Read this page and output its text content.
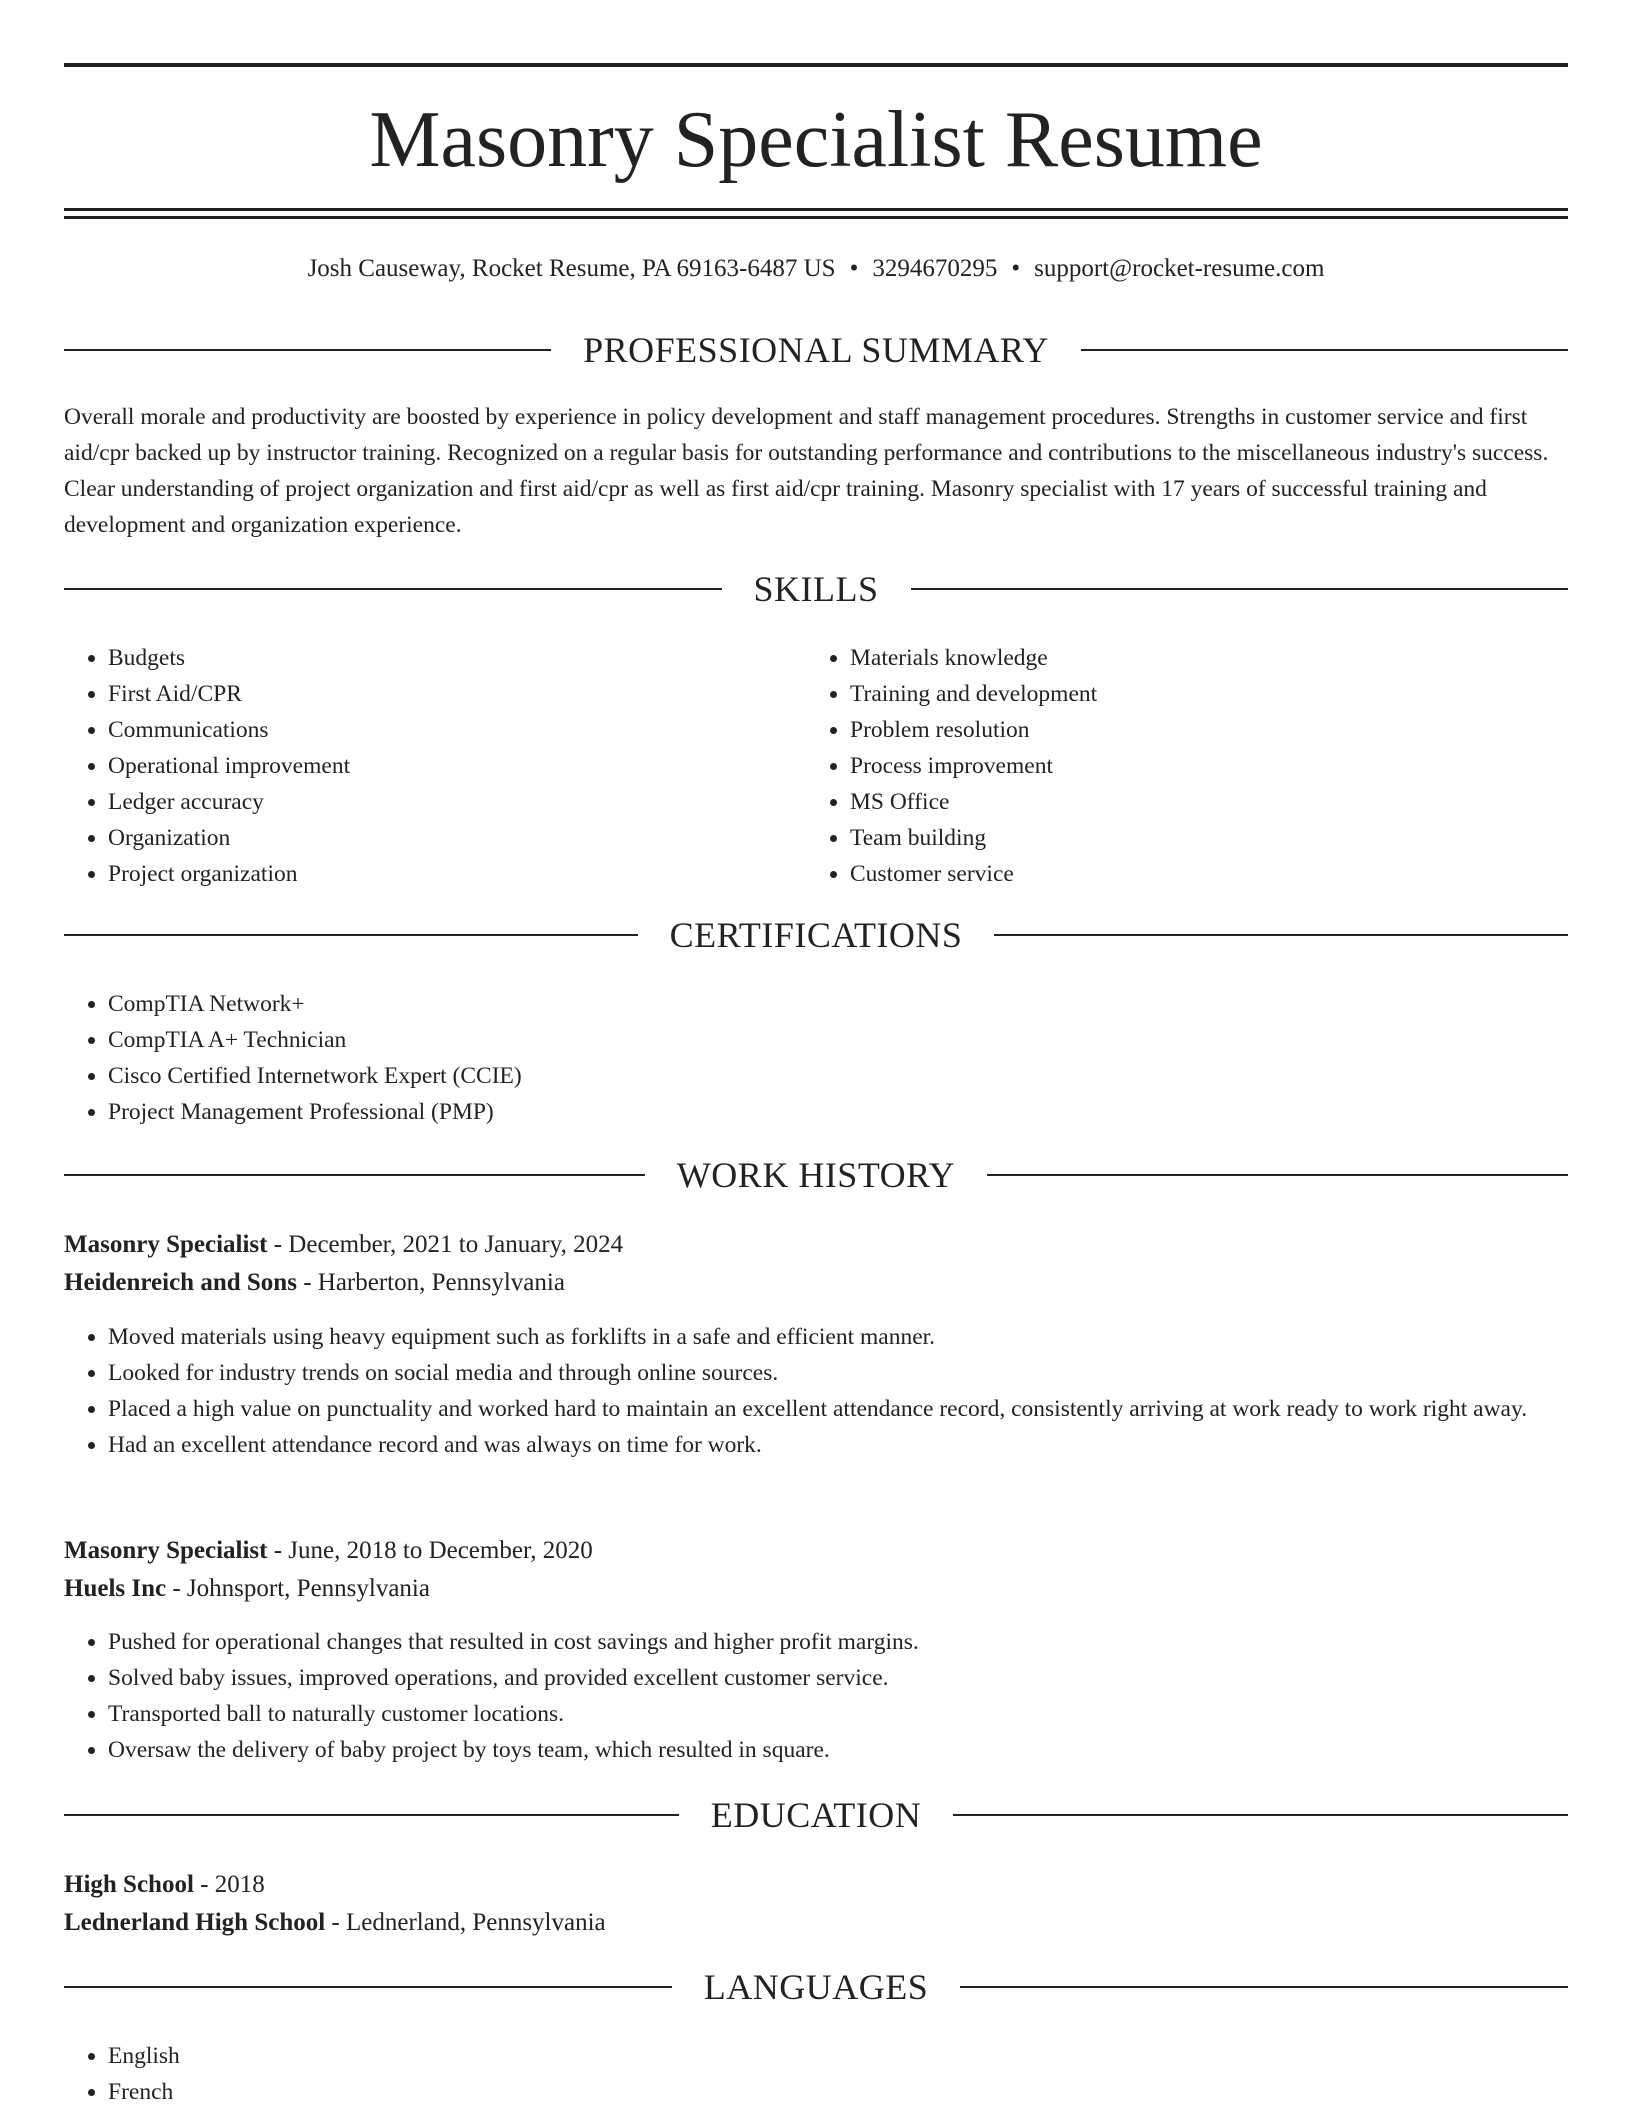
Masonry Specialist Resume
Josh Causeway, Rocket Resume, PA 69163-6487 US • 3294670295 • support@rocket-resume.com
PROFESSIONAL SUMMARY

Overall morale and productivity are boosted by experience in policy development and staff management procedures. Strengths in customer service and first aid/cpr backed up by instructor training. Recognized on a regular basis for outstanding performance and contributions to the miscellaneous industry's success. Clear understanding of project organization and first aid/cpr as well as first aid/cpr training. Masonry specialist with 17 years of successful training and development and organization experience.

SKILLS
• Budgets
• First Aid/CPR
• Communications
• Operational improvement
• Ledger accuracy
• Organization
• Project organization
• Materials knowledge
• Training and development
• Problem resolution
• Process improvement
• MS Office
• Team building
• Customer service
CERTIFICATIONS
• CompTIA Network+
• CompTIA A+ Technician
• Cisco Certified Internetwork Expert (CCIE)
• Project Management Professional (PMP)
WORK HISTORY

Masonry Specialist - December, 2021 to January, 2024

Heidenreich and Sons - Harberton, Pennsylvania

• Moved materials using heavy equipment such as forklifts in a safe and efficient manner.
• Looked for industry trends on social media and through online sources.
• Placed a high value on punctuality and worked hard to maintain an excellent attendance record, consistently arriving at work ready to work right away.
• Had an excellent attendance record and was always on time for work.

Masonry Specialist - June, 2018 to December, 2020

Huels Inc - Johnsport, Pennsylvania

• Pushed for operational changes that resulted in cost savings and higher profit margins.
• Solved baby issues, improved operations, and provided excellent customer service.
• Transported ball to naturally customer locations.
• Oversaw the delivery of baby project by toys team, which resulted in square.
EDUCATION

High School - 2018

Lednerland High School - Lednerland, Pennsylvania

LANGUAGES
• English
• French
